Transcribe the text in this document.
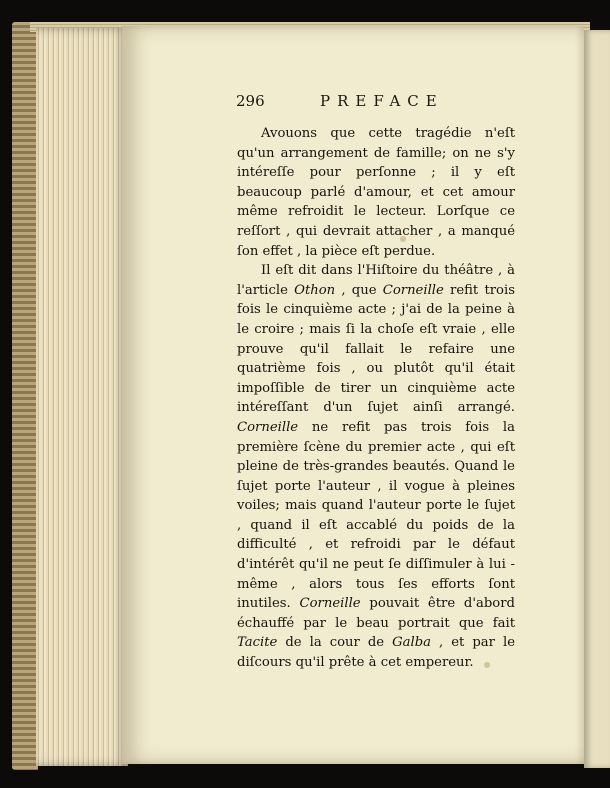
296	PREFACE

Avouons que cette tragédie n'eſt qu'un arrangement de famille; on ne s'y intéreſſe pour perſonne ; il y eſt beaucoup parlé d'amour, et cet amour même refroidit le lecteur. Lorſque ce reſſort , qui devrait attacher , a manqué ſon effet , la pièce eſt perdue.

Il eſt dit dans l'Hiſtoire du théâtre , à l'article Othon , que Corneille refit trois fois le cinquième acte ; j'ai de la peine à le croire ; mais ſi la choſe eſt vraie , elle prouve qu'il fallait le refaire une quatrième fois , ou plutôt qu'il était impoſſible de tirer un cinquième acte intéreſſant d'un ſujet ainſi arrangé. Corneille ne refit pas trois fois la première ſcène du premier acte , qui eſt pleine de très-grandes beautés. Quand le ſujet porte l'auteur , il vogue à pleines voiles; mais quand l'auteur porte le ſujet , quand il eſt accablé du poids de la difficulté , et refroidi par le défaut d'intérêt qu'il ne peut ſe diſſimuler à lui - même , alors tous ſes efforts ſont inutiles. Corneille pouvait être d'abord échauffé par le beau portrait que fait Tacite de la cour de Galba , et par le diſcours qu'il prête à cet empereur.
